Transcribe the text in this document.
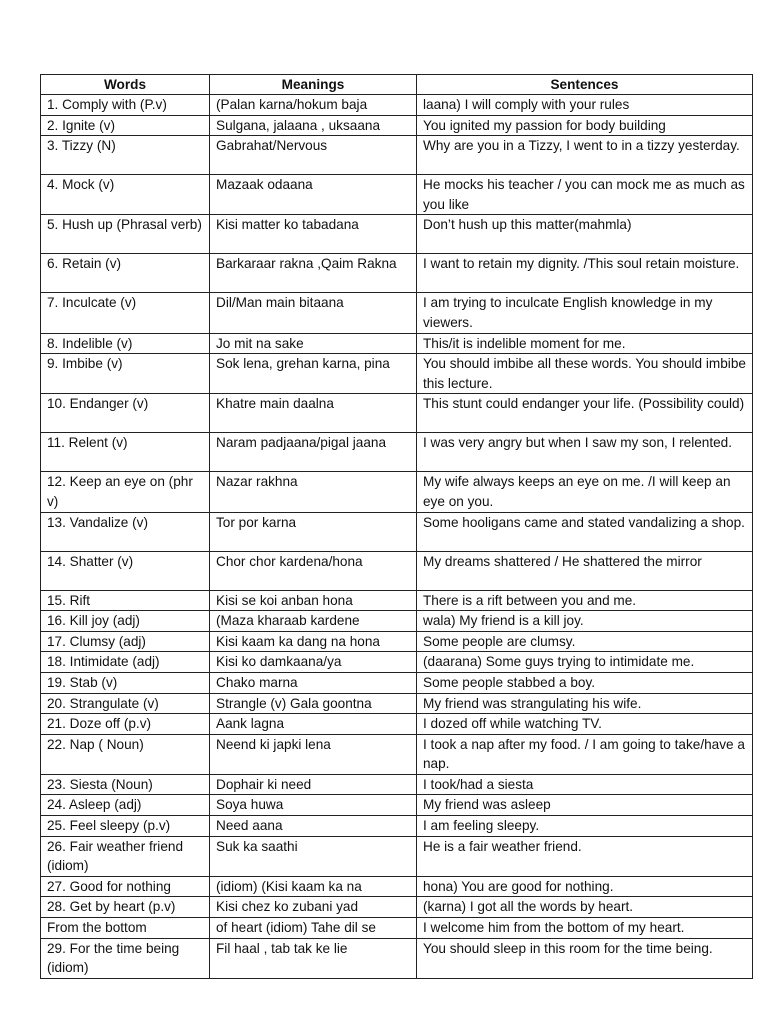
Words	Meanings	Sentences
1. Comply with (P.v)	(Palan karna/hokum baja	laana) I will comply with your rules
2. Ignite (v)	Sulgana, jalaana , uksaana	You ignited my passion for body building
3. Tizzy (N)	Gabrahat/Nervous	Why are you in a Tizzy, I went to in a tizzy yesterday.
4. Mock (v)	Mazaak odaana	He mocks his teacher / you can mock me as much as you like
5. Hush up (Phrasal verb)	Kisi matter ko tabadana	Don’t hush up this matter(mahmla)
6. Retain (v)	Barkaraar rakna ,Qaim Rakna	I want to retain my dignity. /This soul retain moisture.
7. Inculcate (v)	Dil/Man main bitaana	I am trying to inculcate English knowledge in my viewers.
8. Indelible (v)	Jo mit na sake	This/it is indelible moment for me.
9. Imbibe (v)	Sok lena, grehan karna, pina	You should imbibe all these words. You should imbibe this lecture.
10. Endanger (v)	Khatre main daalna	This stunt could endanger your life. (Possibility could)
11. Relent (v)	Naram padjaana/pigal jaana	I was very angry but when I saw my son, I relented.
12. Keep an eye on (phr v)	Nazar rakhna	My wife always keeps an eye on me. /I will keep an eye on you.
13. Vandalize (v)	Tor por karna	Some hooligans came and stated vandalizing a shop.
14. Shatter (v)	Chor chor kardena/hona	My dreams shattered / He shattered the mirror
15. Rift	Kisi se koi anban hona	There is a rift between you and me.
16. Kill joy (adj)	(Maza kharaab kardene	wala) My friend is a kill joy.
17. Clumsy (adj)	Kisi kaam ka dang na hona	Some people are clumsy.
18. Intimidate (adj)	Kisi ko damkaana/ya	(daarana) Some guys trying to intimidate me.
19. Stab (v)	Chako marna	Some people stabbed a boy.
20. Strangulate (v)	Strangle (v) Gala goontna	My friend was strangulating his wife.
21. Doze off (p.v)	Aank lagna	I dozed off while watching TV.
22. Nap ( Noun)	Neend ki japki lena	I took a nap after my food. / I am going to take/have a nap.
23. Siesta (Noun)	Dophair ki need	I took/had a siesta
24. Asleep (adj)	Soya huwa	My friend was asleep
25. Feel sleepy (p.v)	Need aana	I am feeling sleepy.
26. Fair weather friend (idiom)	Suk ka saathi	He is a fair weather friend.
27. Good for nothing	(idiom) (Kisi kaam ka na	hona) You are good for nothing.
28. Get by heart (p.v)	Kisi chez ko zubani yad	(karna) I got all the words by heart.
From the bottom	of heart (idiom) Tahe dil se	I welcome him from the bottom of my heart.
29. For the time being (idiom)	Fil haal , tab tak ke lie	You should sleep in this room for the time being.
